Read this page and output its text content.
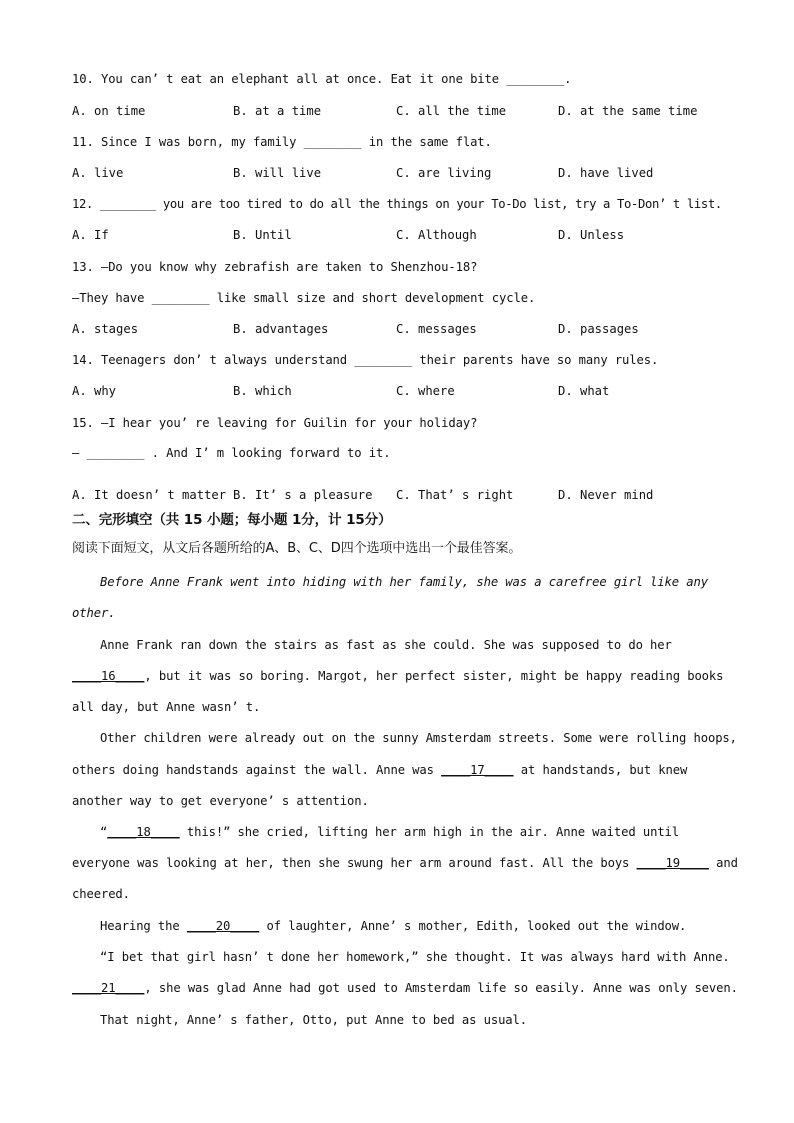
10. You can’ t eat an elephant all at once. Eat it one bite ________.
A. on time	B. at a time	C. all the time	D. at the same time
11. Since I was born, my family ________ in the same flat.
A. live	B. will live	C. are living	D. have lived
12. ________ you are too tired to do all the things on your To-Do list, try a To-Don’ t list.
A. If	B. Until	C. Although	D. Unless
13. —Do you know why zebrafish are taken to Shenzhou-18?
—They have ________ like small size and short development cycle.
A. stages	B. advantages	C. messages	D. passages
14. Teenagers don’ t always understand ________ their parents have so many rules.
A. why	B. which	C. where	D. what
15. —I hear you’ re leaving for Guilin for your holiday?
— ________ . And I’ m looking forward to it.
A. It doesn’ t matter B. It’ s a pleasure C. That’ s right	D. Never mind
二、完形填空（共 15 小题；每小题 1分，计 15分）
阅读下面短文，从文后各题所给的A、B、C、D四个选项中选出一个最佳答案。
Before Anne Frank went into hiding with her family, she was a carefree girl like any
other.
Anne Frank ran down the stairs as fast as she could. She was supposed to do her
____16____, but it was so boring. Margot, her perfect sister, might be happy reading books
all day, but Anne wasn’ t.
Other children were already out on the sunny Amsterdam streets. Some were rolling hoops,
others doing handstands against the wall. Anne was ____17____ at handstands, but knew
another way to get everyone’ s attention.
“____18____ this!” she cried, lifting her arm high in the air. Anne waited until
everyone was looking at her, then she swung her arm around fast. All the boys ____19____ and
cheered.
Hearing the ____20____ of laughter, Anne’ s mother, Edith, looked out the window.
“I bet that girl hasn’ t done her homework,” she thought. It was always hard with Anne.
____21____, she was glad Anne had got used to Amsterdam life so easily. Anne was only seven.
That night, Anne’ s father, Otto, put Anne to bed as usual.
